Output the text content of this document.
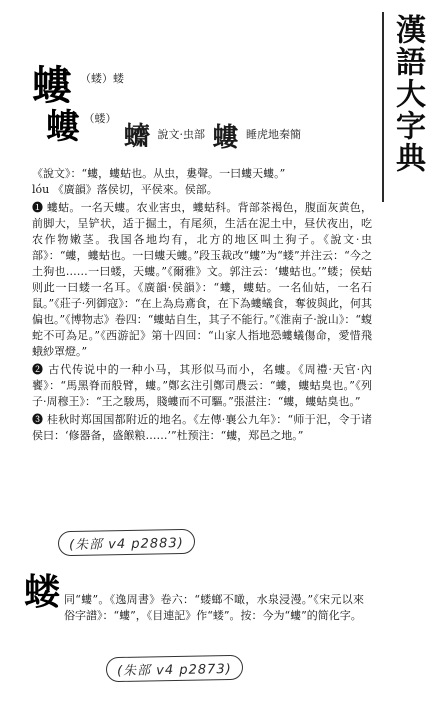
漢語大字典
螻 （蝼）蝼
螻 （蝼） 𧕚 說文·虫部 螻 睡虎地秦簡

《說文》：“螻，螻蛄也。从虫，婁聲。一曰螻天螻。”

lóu 《廣韻》落侯切，平侯來。侯部。

❶ 螻蛄。一名天螻。农业害虫，螻蛄科。背部茶褐色，腹面灰黄色，前脚大，呈铲状，适于掘土，有尾须，生活在泥土中，昼伏夜出，吃农作物嫩茎。我国各地均有，北方的地区叫土狗子。《說文·虫部》：“螻，螻蛄也。一曰螻天螻。”段玉裁改“螻”为“蝼”并注云：“今之土狗也……一曰蝼，天螻。”《爾雅》文。郭注云：‘螻蛄也。’”蝼；侯蛄则此一曰蝼一名耳。《廣韻·侯韻》：“螻，螻蛄。一名仙姑，一名石鼠。”《莊子·列御寇》：“在上為烏鳶食，在下為螻蟻食，奪彼與此，何其偏也。”《博物志》卷四：“螻蛄自生，其子不能行。”《淮南子·說山》：“蝮蛇不可為足。”《西游記》第十四回：“山家人指地恐螻蟻傷命，愛惜飛蛾紗罩燈。”

❷ 古代传说中的一种小马，其形似马而小，名螻。《周禮·天官·內饔》：“馬黑脊而般臂，螻。”鄭玄注引鄭司農云：“螻，螻蛄臭也。”《列子·周穆王》：“王之駿馬，賤螻而不可驅。”張湛注：“螻，螻蛄臭也。”

❸ 桂秋时郑国国都附近的地名。《左傳·襄公九年》：“师于汜，令于诸侯曰：‘修器备，盛餱粮……’”杜预注：“螻，郑邑之地。”

(朱部 v4 p2883)
蝼 同“螻”。《逸周書》卷六：“蝼螂不噉，水泉浸漫。”《宋元以來俗字譜》：“螻”，《目連記》作“蝼”。按：今为“螻”的简化字。

(朱部 v4 p2873)
